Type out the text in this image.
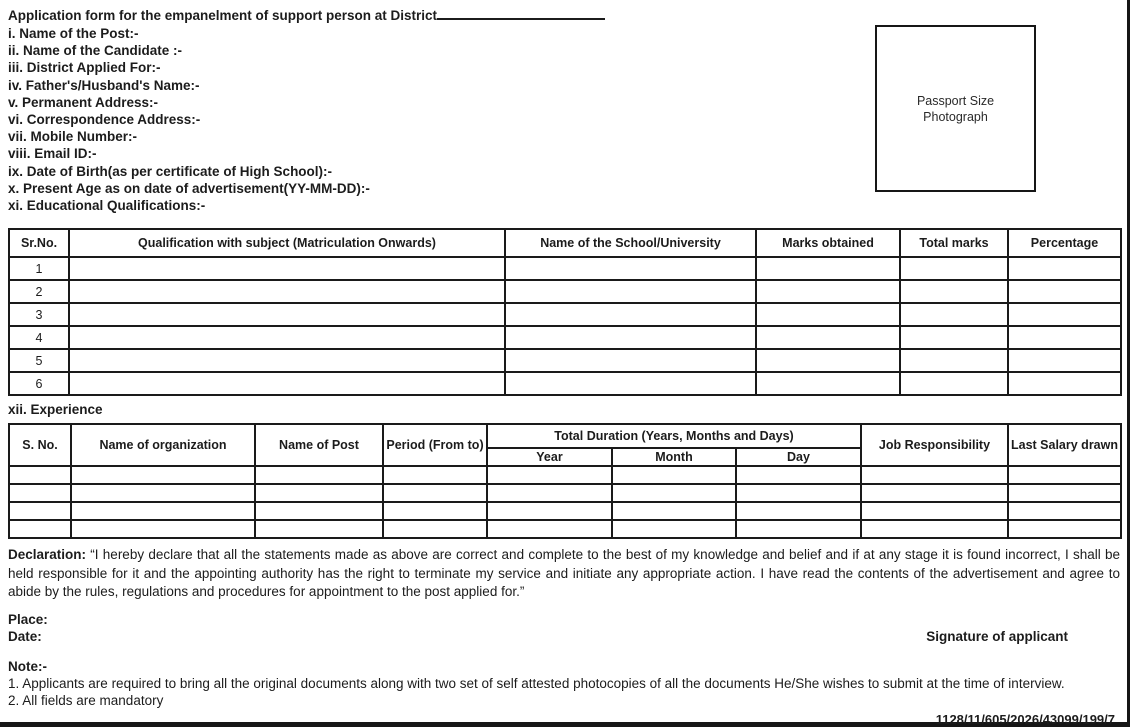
Application form for the empanelment of support person at District
i. Name of the Post:-
ii. Name of the Candidate :-
iii. District Applied For:-
iv. Father's/Husband's Name:-
v. Permanent Address:-
vi. Correspondence Address:-
vii. Mobile Number:-
viii. Email ID:-
ix. Date of Birth(as per certificate of High School):-
x. Present Age as on date of advertisement(YY-MM-DD):-
xi. Educational Qualifications:-
Passport Size Photograph
Sr.No.	Qualification with subject (Matriculation Onwards)	Name of the School/University	Marks obtained	Total marks	Percentage
1					
2					
3					
4					
5					
6					
xii. Experience
S. No.	Name of organization	Name of Post	Period (From to)	Total Duration (Years, Months and Days)			Job Responsibility	Last Salary drawn
				Year	Month	Day		

Declaration: “I hereby declare that all the statements made as above are correct and complete to the best of my knowledge and belief and if at any stage it is found incorrect, I shall be held responsible for it and the appointing authority has the right to terminate my service and initiate any appropriate action. I have read the contents of the advertisement and agree to abide by the rules, regulations and procedures for appointment to the post applied for.”
Place:
Date:	Signature of applicant
Note:-
1. Applicants are required to bring all the original documents along with two set of self attested photocopies of all the documents He/She wishes to submit at the time of interview.
2. All fields are mandatory
1128/11/605/2026/43099/199/7
